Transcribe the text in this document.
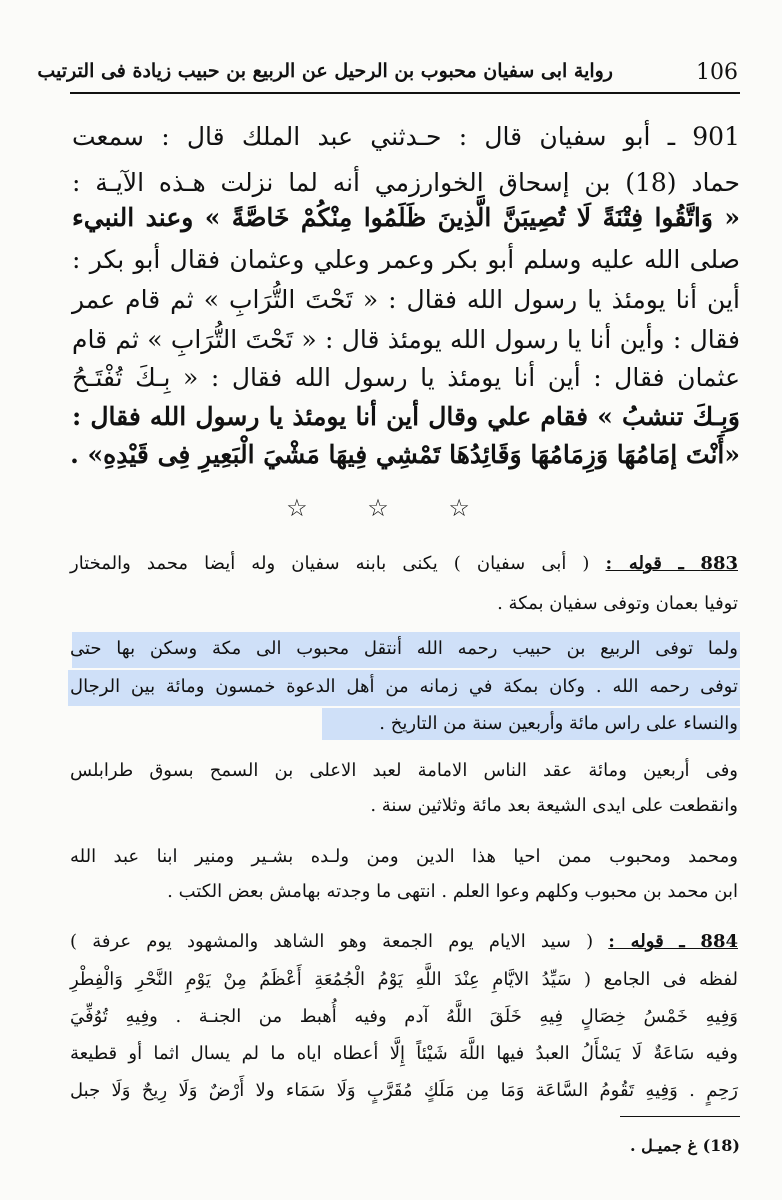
رواية ابى سفيان محبوب بن الرحيل عن الربيع بن حبيب زيادة فى الترتيب	106
901 ـ أبو سفيان قال : حـدثني عبد الملك قال : سمعت
حماد (18) بن إسحاق الخوارزمي أنه لما نزلت هـذه الآيـة :
« وَاتَّقُوا فِتْنَةً لَا تُصِيبَنَّ الَّذِينَ ظَلَمُوا مِنْكُمْ خَاصَّةً » وعند النبيء
صلى الله عليه وسلم أبو بكر وعمر وعلي وعثمان فقال أبو بكر :
أين أنا يومئذ يا رسول الله فقال : « تَحْتَ التُّرَابِ » ثم قام عمر
فقال : وأين أنا يا رسول الله يومئذ قال : « تَحْتَ التُّرَابِ » ثم قام
عثمان فقال : أين أنا يومئذ يا رسول الله فقال : « بِـكَ تُفْتَـحُ
وَبِـكَ تنشبُ » فقام علي وقال أين أنا يومئذ يا رسول الله فقال :
«أَنْتَ إمَامُهَا وَزِمَامُهَا وَقَائِدُهَا تَمْشِي فِيهَا مَشْيَ الْبَعِيرِ فِى قَيْدِهِ» .
☆ ☆ ☆
883 ـ قوله : ( أبى سفيان ) يكنى بابنه سفيان وله أيضا محمد والمختار
توفيا بعمان وتوفى سفيان بمكة .
ولما توفى الربيع بن حبيب رحمه الله أنتقل محبوب الى مكة وسكن بها حتى
توفى رحمه الله . وكان بمكة في زمانه من أهل الدعوة خمسون ومائة بين الرجال
والنساء على راس مائة وأربعين سنة من التاريخ .
وفى أربعين ومائة عقد الناس الامامة لعبد الاعلى بن السمح بسوق طرابلس
وانقطعت على ايدى الشيعة بعد مائة وثلاثين سنة .
ومحمد ومحبوب ممن احيا هذا الدين ومن ولـده بشـير ومنير ابنا عبد الله
ابن محمد بن محبوب وكلهم وعوا العلم . انتهى ما وجدته بهامش بعض الكتب .
884 ـ قوله : ( سيد الايام يوم الجمعة وهو الشاهد والمشهود يوم عرفة )
لفظه فى الجامع ( سَيِّدُ الايَّامِ عِنْدَ اللَّهِ يَوْمُ الْجُمُعَةِ أَعْظَمُ مِنْ يَوْمِ النَّحْرِ وَالْفِطْرِ
وَفِيهِ خَمْسُ خِصَالٍ فِيهِ خَلَقَ اللَّهُ آدم وفيه أُهبط من الجنـة . وفِيهِ تُوُفِّيَ
وفيه سَاعَةٌ لَا يَسْأَلُ العبدُ فيها اللَّهَ شَيْئاً إِلَّا أعطاه اياه ما لم يسال اثما أو قطيعة
رَحِمٍ . وَفِيهِ تَقُومُ السَّاعَة وَمَا مِن مَلَكٍ مُقَرَّبٍ وَلَا سَمَاء ولا أَرْضٌ وَلَا رِيحٌ وَلَا جبل
(18) غ جميـل .
